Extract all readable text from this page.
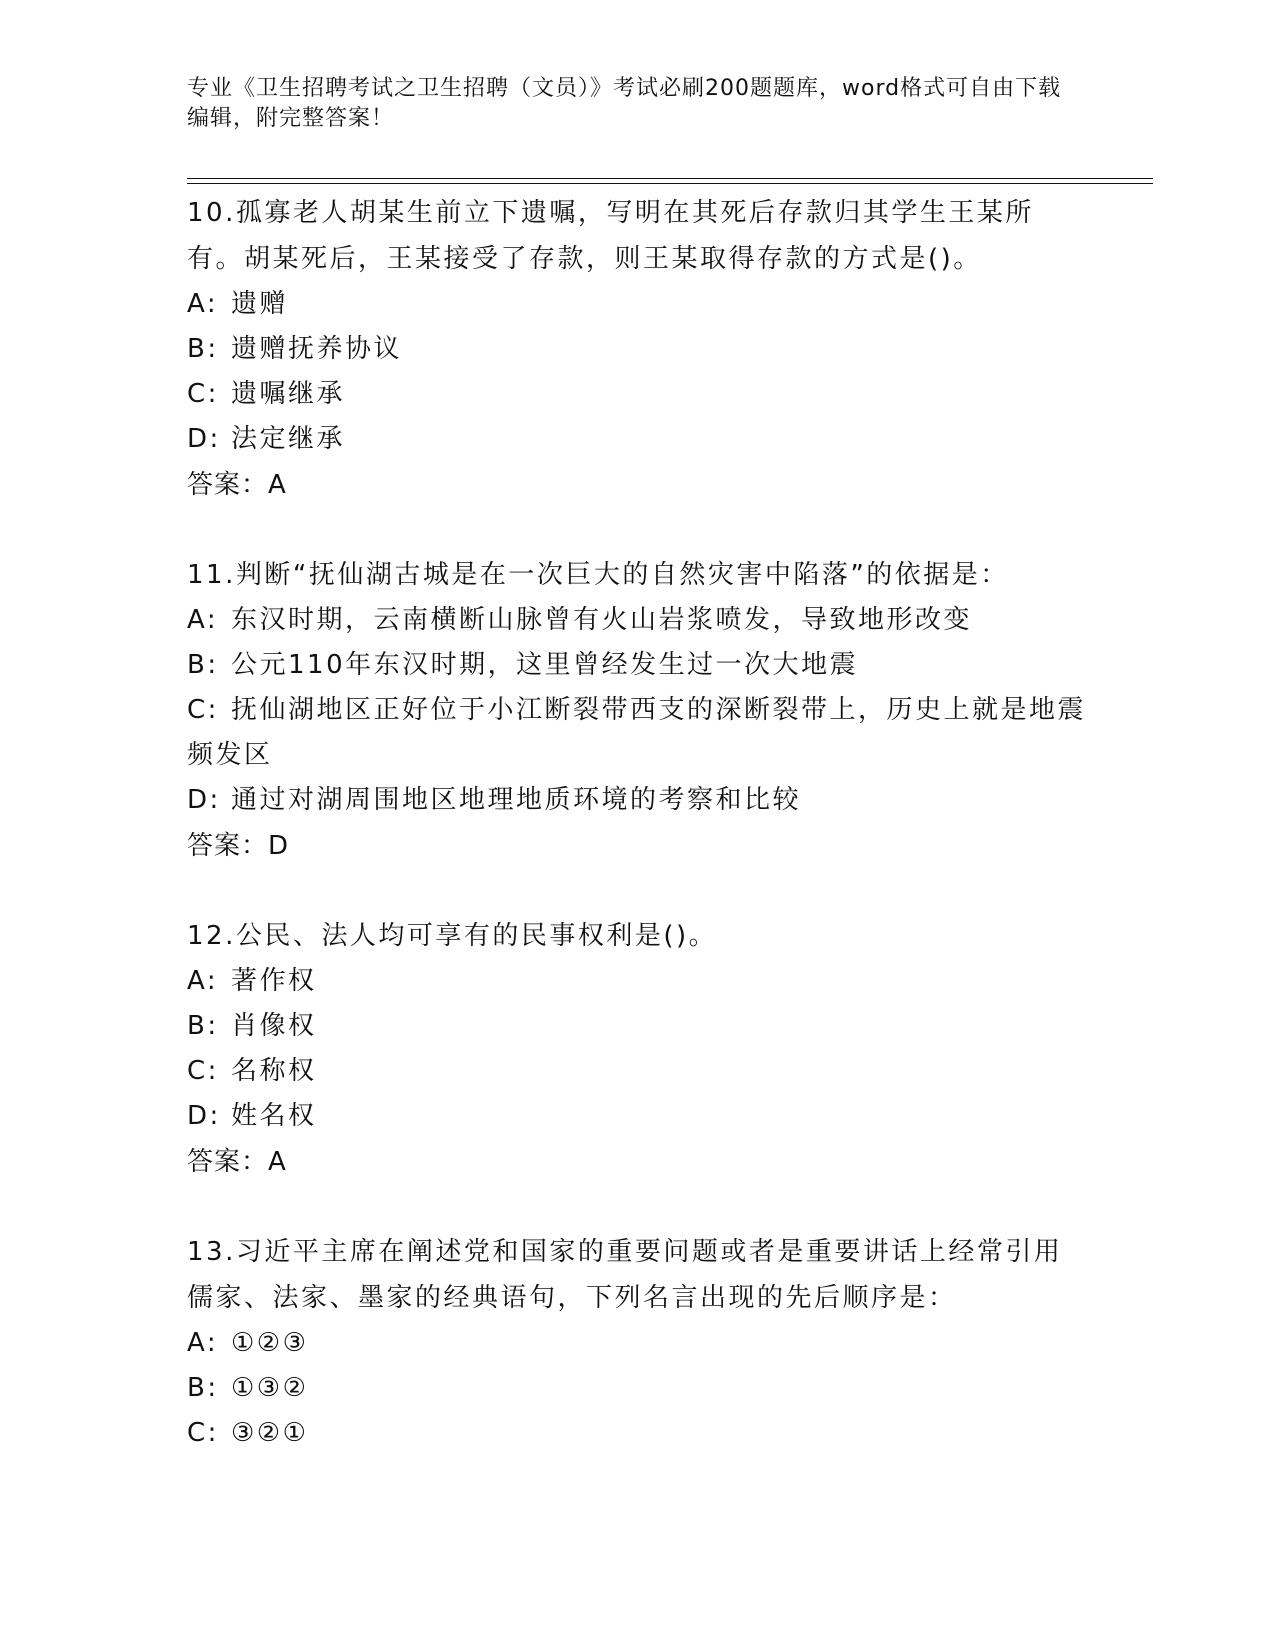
专业《卫生招聘考试之卫生招聘（文员）》考试必刷200题题库，word格式可自由下载编辑，附完整答案！
10.孤寡老人胡某生前立下遗嘱，写明在其死后存款归其学生王某所有。胡某死后，王某接受了存款，则王某取得存款的方式是()。
A: 遗赠
B: 遗赠抚养协议
C: 遗嘱继承
D: 法定继承
答案：A
11.判断“抚仙湖古城是在一次巨大的自然灾害中陷落”的依据是：
A: 东汉时期，云南横断山脉曾有火山岩浆喷发，导致地形改变
B: 公元110年东汉时期，这里曾经发生过一次大地震
C: 抚仙湖地区正好位于小江断裂带西支的深断裂带上，历史上就是地震频发区
D: 通过对湖周围地区地理地质环境的考察和比较
答案：D
12.公民、法人均可享有的民事权利是()。
A: 著作权
B: 肖像权
C: 名称权
D: 姓名权
答案：A
13.习近平主席在阐述党和国家的重要问题或者是重要讲话上经常引用儒家、法家、墨家的经典语句，下列名言出现的先后顺序是：
A: ①②③
B: ①③②
C: ③②①
